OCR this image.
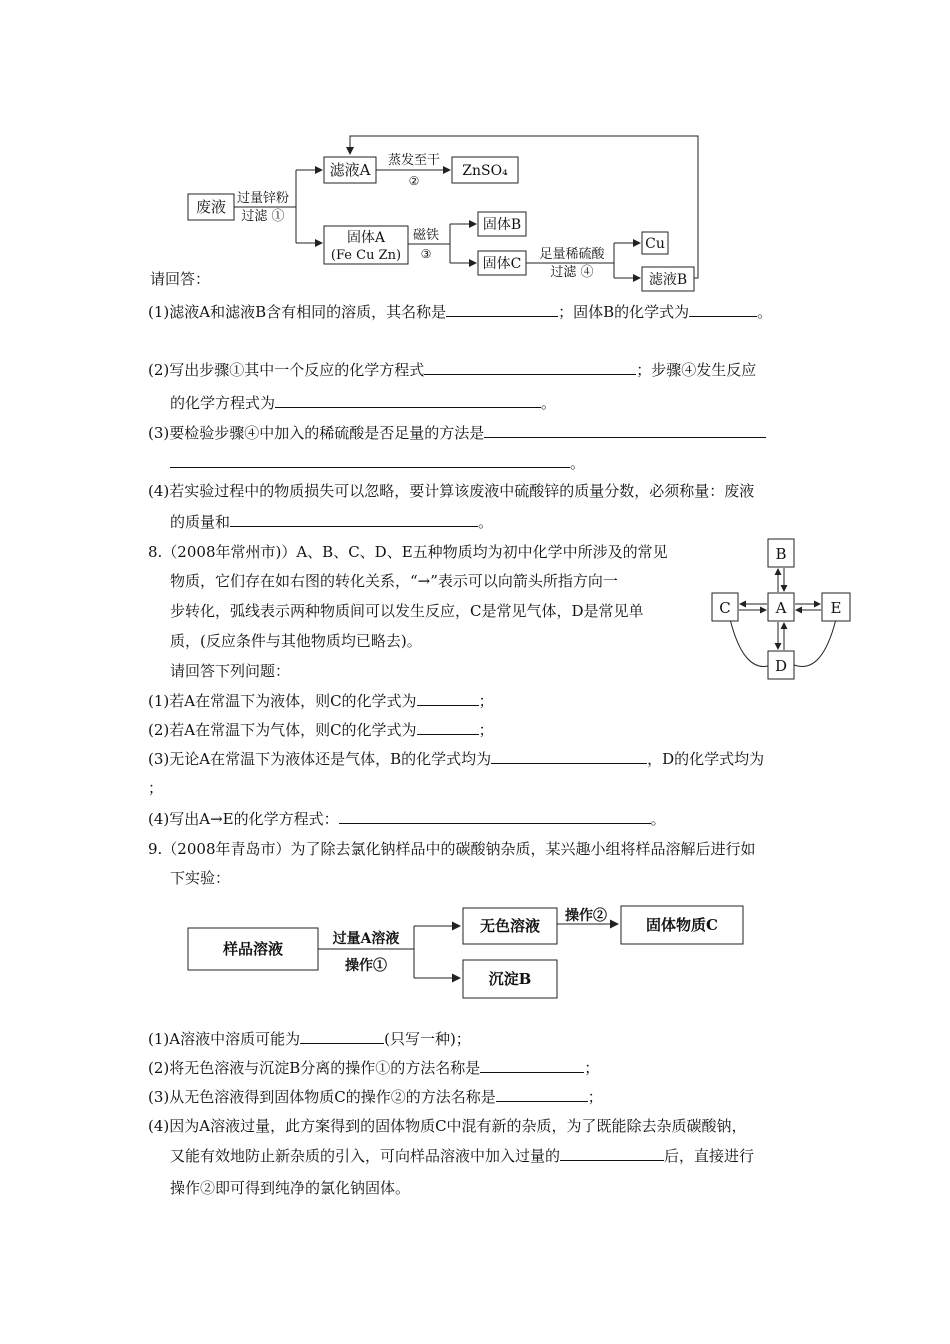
废液 过量锌粉
过滤 ①
滤液A
蒸发至干
②
ZnSO₄
固体A
(Fe Cu Zn)
磁铁
③
固体B
固体C
足量稀硫酸
过滤 ④
Cu
滤液B
请回答：
(1)滤液A和滤液B含有相同的溶质，其名称是	；固体B的化学式为	。
(2)写出步骤①其中一个反应的化学方程式	；步骤④发生反应
的化学方程式为	。
(3)要检验步骤④中加入的稀硫酸是否足量的方法是
。
(4)若实验过程中的物质损失可以忽略，要计算该废液中硫酸锌的质量分数，必须称量：废液
的质量和	。
8.（2008年常州市)）A、B、C、D、E五种物质均为初中化学中所涉及的常见
物质，它们存在如右图的转化关系，“→”表示可以向箭头所指方向一
步转化，弧线表示两种物质间可以发生反应，C是常见气体，D是常见单
质，(反应条件与其他物质均已略去)。
请回答下列问题：
B
A
C	E
D
(1)若A在常温下为液体，则C的化学式为	；
(2)若A在常温下为气体，则C的化学式为	；
(3)无论A在常温下为液体还是气体，B的化学式均为	，D的化学式均为
；
(4)写出A→E的化学方程式：	。
9.（2008年青岛市）为了除去氯化钠样品中的碳酸钠杂质，某兴趣小组将样品溶解后进行如
下实验：
样品溶液
过量A溶液
操作①
无色溶液
操作②	固体物质C
沉淀B
(1)A溶液中溶质可能为	(只写一种)；
(2)将无色溶液与沉淀B分离的操作①的方法名称是	；
(3)从无色溶液得到固体物质C的操作②的方法名称是	；
(4)因为A溶液过量，此方案得到的固体物质C中混有新的杂质，为了既能除去杂质碳酸钠，
又能有效地防止新杂质的引入，可向样品溶液中加入过量的	后，直接进行
操作②即可得到纯净的氯化钠固体。
